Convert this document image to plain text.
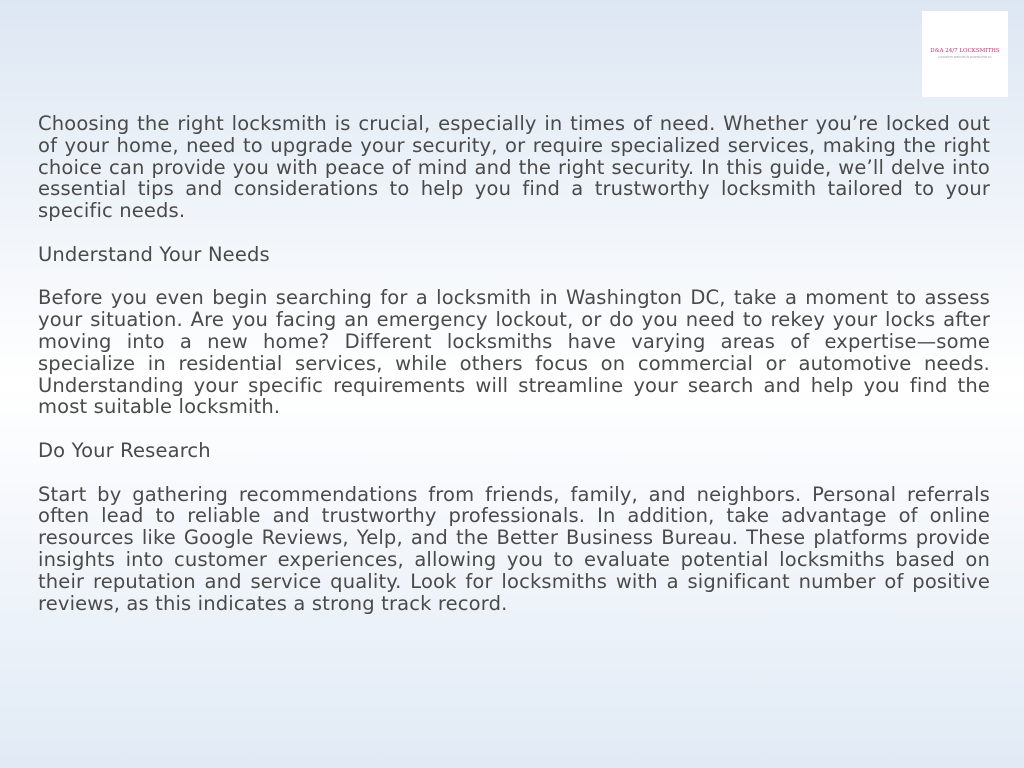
D&A 24/7 LOCKSMITHS
LOCKSMITH SERVICES IN WASHINGTON DC

Choosing the right locksmith is crucial, especially in times of need. Whether you’re locked out of your home, need to upgrade your security, or require specialized services, making the right choice can provide you with peace of mind and the right security. In this guide, we’ll delve into essential tips and considerations to help you find a trustworthy locksmith tailored to your specific needs.

Understand Your Needs

Before you even begin searching for a locksmith in Washington DC, take a moment to assess your situation. Are you facing an emergency lockout, or do you need to rekey your locks after moving into a new home? Different locksmiths have varying areas of expertise—some specialize in residential services, while others focus on commercial or automotive needs. Understanding your specific requirements will streamline your search and help you find the most suitable locksmith.

Do Your Research

Start by gathering recommendations from friends, family, and neighbors. Personal referrals often lead to reliable and trustworthy professionals. In addition, take advantage of online resources like Google Reviews, Yelp, and the Better Business Bureau. These platforms provide insights into customer experiences, allowing you to evaluate potential locksmiths based on their reputation and service quality. Look for locksmiths with a significant number of positive reviews, as this indicates a strong track record.
